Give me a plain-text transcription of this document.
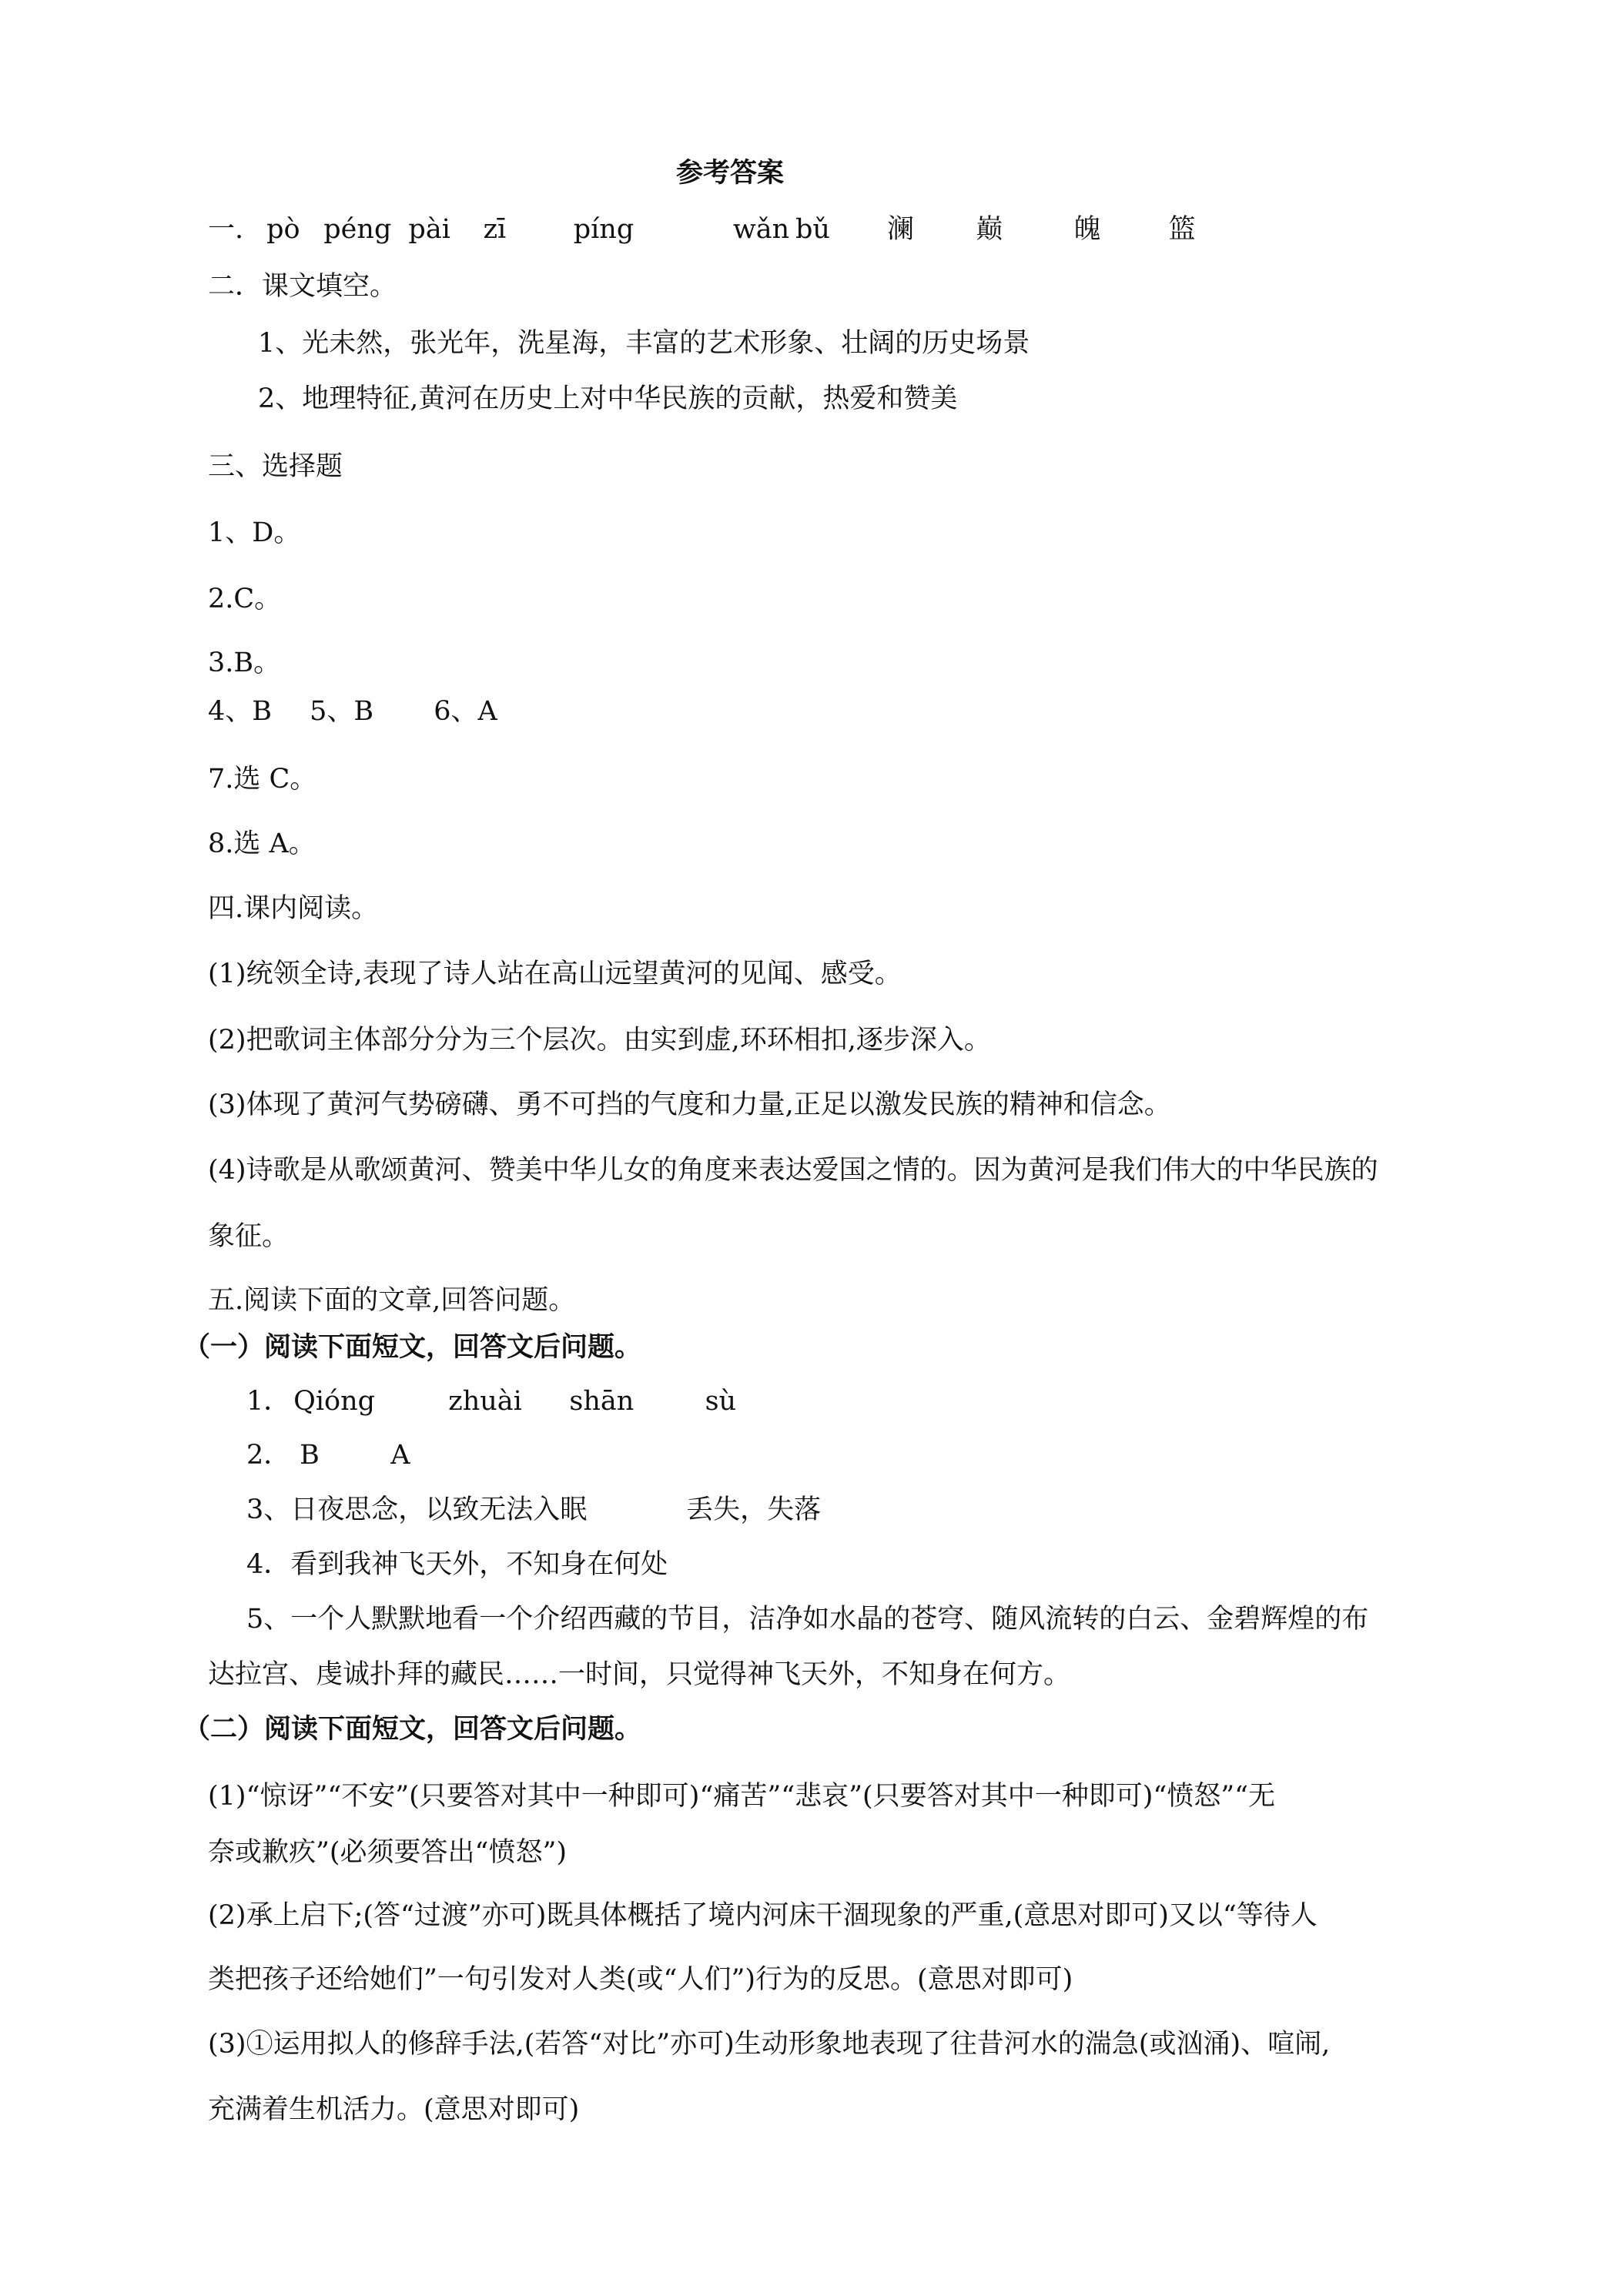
参考答案
一. pò péng pài zī	píng	wǎn bǔ 澜 巅	魄	篮
二．课文填空。
1、光未然，张光年，洗星海，丰富的艺术形象、壮阔的历史场景
2、地理特征,黄河在历史上对中华民族的贡献，热爱和赞美
三、选择题
1、D。
2.C。
3.B。
4、B 5、B 6、A
7.选 C。
8.选 A。
四.课内阅读。
(1)统领全诗,表现了诗人站在高山远望黄河的见闻、感受。
(2)把歌词主体部分分为三个层次。由实到虚,环环相扣,逐步深入。
(3)体现了黄河气势磅礴、勇不可挡的气度和力量,正足以激发民族的精神和信念。
(4)诗歌是从歌颂黄河、赞美中华儿女的角度来表达爱国之情的。因为黄河是我们伟大的中华民族的
象征。
五.阅读下面的文章,回答问题。
（一）阅读下面短文，回答文后问题。
1． Qióng	zhuài shān	sù
2． B	A
3、日夜思念，以致无法入眠	丢失，失落
4．看到我神飞天外，不知身在何处
5、一个人默默地看一个介绍西藏的节目，洁净如水晶的苍穹、随风流转的白云、金碧辉煌的布
达拉宫、虔诚扑拜的藏民……一时间，只觉得神飞天外，不知身在何方。
（二）阅读下面短文，回答文后问题。
(1)“惊讶”“不安”(只要答对其中一种即可)“痛苦”“悲哀”(只要答对其中一种即可)“愤怒”“无
奈或歉疚”(必须要答出“愤怒”)
(2)承上启下;(答“过渡”亦可)既具体概括了境内河床干涸现象的严重,(意思对即可)又以“等待人
类把孩子还给她们”一句引发对人类(或“人们”)行为的反思。(意思对即可)
(3)①运用拟人的修辞手法,(若答“对比”亦可)生动形象地表现了往昔河水的湍急(或汹涌)、喧闹,
充满着生机活力。(意思对即可)
